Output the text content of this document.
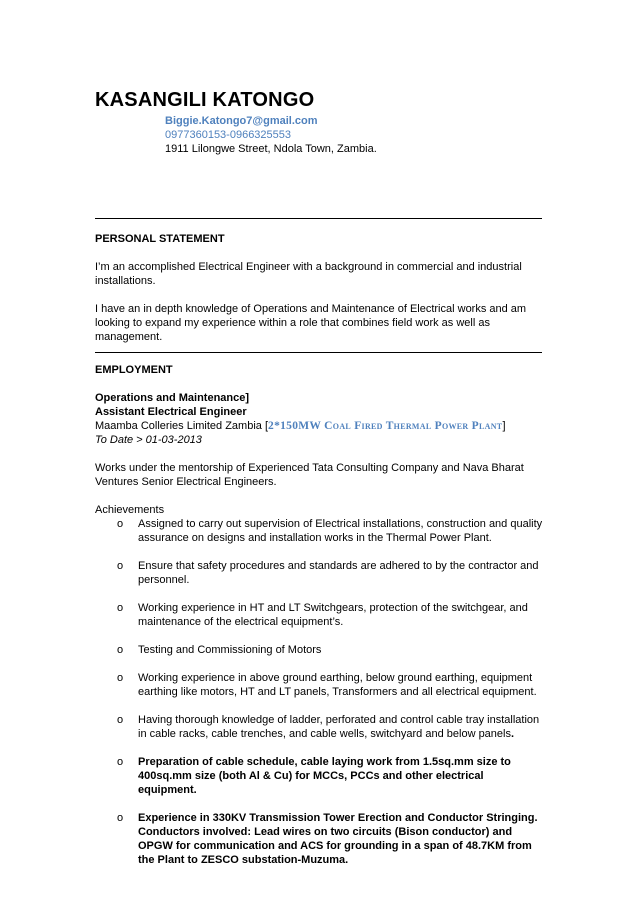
KASANGILI KATONGO
Biggie.Katongo7@gmail.com
0977360153-0966325553
1911 Lilongwe Street, Ndola Town, Zambia.

PERSONAL STATEMENT

I’m an accomplished Electrical Engineer with a background in commercial and industrial installations.

I have an in depth knowledge of Operations and Maintenance of Electrical works and am looking to expand my experience within a role that combines field work as well as management.

EMPLOYMENT

Operations and Maintenance]

Assistant Electrical Engineer

Maamba Colleries Limited Zambia [2*150MW Coal Fired Thermal Power Plant]

To Date > 01-03-2013

Works under the mentorship of Experienced Tata Consulting Company and Nava Bharat Ventures Senior Electrical Engineers.

Achievements

o Assigned to carry out supervision of Electrical installations, construction and quality assurance on designs and installation works in the Thermal Power Plant.
o Ensure that safety procedures and standards are adhered to by the contractor and personnel.
o Working experience in HT and LT Switchgears, protection of the switchgear, and maintenance of the electrical equipment’s.
o Testing and Commissioning of Motors
o Working experience in above ground earthing, below ground earthing, equipment earthing like motors, HT and LT panels, Transformers and all electrical equipment.
o Having thorough knowledge of ladder, perforated and control cable tray installation in cable racks, cable trenches, and cable wells, switchyard and below panels.
o Preparation of cable schedule, cable laying work from 1.5sq.mm size to 400sq.mm size (both Al & Cu) for MCCs, PCCs and other electrical equipment.
o Experience in 330KV Transmission Tower Erection and Conductor Stringing. Conductors involved: Lead wires on two circuits (Bison conductor) and OPGW for communication and ACS for grounding in a span of 48.7KM from the Plant to ZESCO substation-Muzuma.
